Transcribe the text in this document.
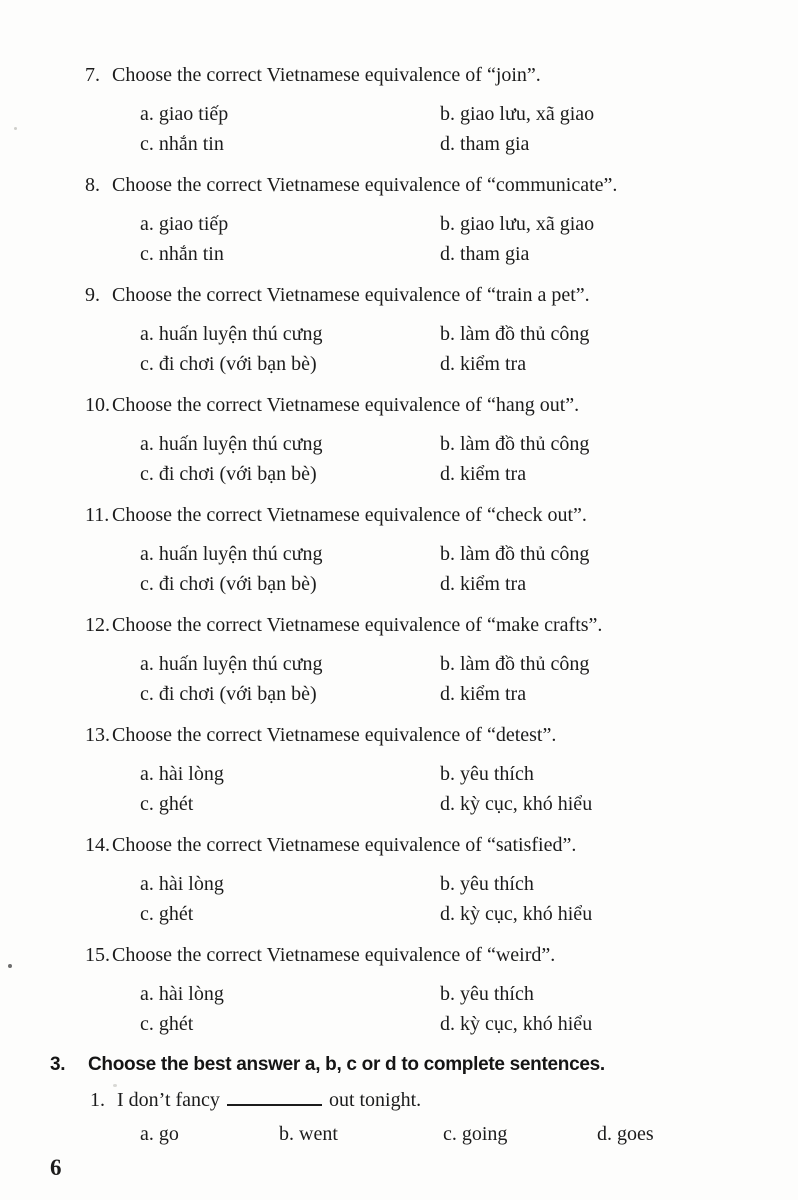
7. Choose the correct Vietnamese equivalence of “join”.
a. giao tiếp	b. giao lưu, xã giao
c. nhắn tin	d. tham gia
8. Choose the correct Vietnamese equivalence of “communicate”.
a. giao tiếp	b. giao lưu, xã giao
c. nhắn tin	d. tham gia
9. Choose the correct Vietnamese equivalence of “train a pet”.
a. huấn luyện thú cưng	b. làm đồ thủ công
c. đi chơi (với bạn bè)	d. kiểm tra
10. Choose the correct Vietnamese equivalence of “hang out”.
a. huấn luyện thú cưng	b. làm đồ thủ công
c. đi chơi (với bạn bè)	d. kiểm tra
11. Choose the correct Vietnamese equivalence of “check out”.
a. huấn luyện thú cưng	b. làm đồ thủ công
c. đi chơi (với bạn bè)	d. kiểm tra
12. Choose the correct Vietnamese equivalence of “make crafts”.
a. huấn luyện thú cưng	b. làm đồ thủ công
c. đi chơi (với bạn bè)	d. kiểm tra
13. Choose the correct Vietnamese equivalence of “detest”.
a. hài lòng	b. yêu thích
c. ghét	d. kỳ cục, khó hiểu
14. Choose the correct Vietnamese equivalence of “satisfied”.
a. hài lòng	b. yêu thích
c. ghét	d. kỳ cục, khó hiểu
15. Choose the correct Vietnamese equivalence of “weird”.
a. hài lòng	b. yêu thích
c. ghét	d. kỳ cục, khó hiểu
3.	Choose the best answer a, b, c or d to complete sentences.
1. I don’t fancy	out tonight.
a. go	b. went	c. going	d. goes
6
